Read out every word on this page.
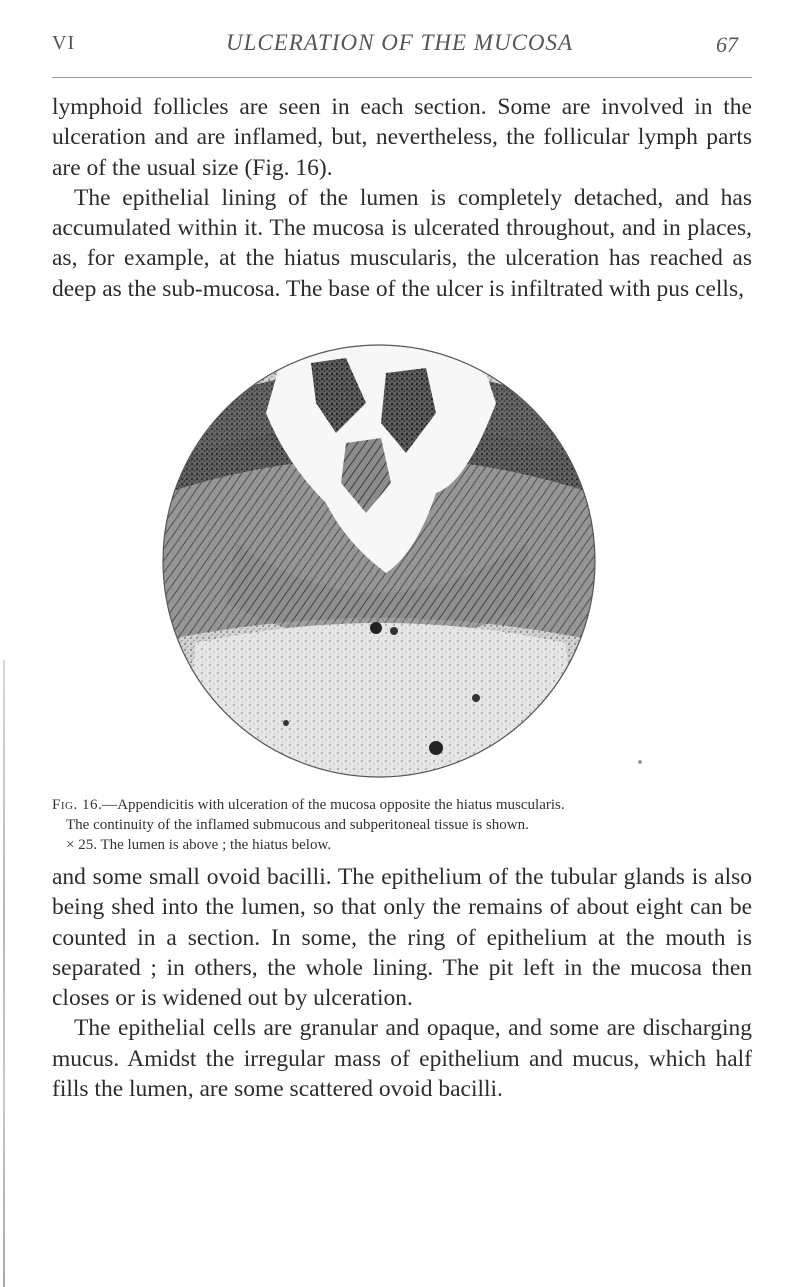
VI	ULCERATION OF THE MUCOSA	67

lymphoid follicles are seen in each section. Some are involved in the ulceration and are inflamed, but, nevertheless, the follicular lymph parts are of the usual size (Fig. 16).

The epithelial lining of the lumen is completely detached, and has accumulated within it. The mucosa is ulcerated throughout, and in places, as, for example, at the hiatus muscularis, the ulceration has reached as deep as the sub-mucosa. The base of the ulcer is infiltrated with pus cells,

Fig. 16.—Appendicitis with ulceration of the mucosa opposite the hiatus muscularis.
The continuity of the inflamed submucous and subperitoneal tissue is shown.
× 25. The lumen is above ; the hiatus below.

and some small ovoid bacilli. The epithelium of the tubular glands is also being shed into the lumen, so that only the remains of about eight can be counted in a section. In some, the ring of epithelium at the mouth is separated ; in others, the whole lining. The pit left in the mucosa then closes or is widened out by ulceration.

The epithelial cells are granular and opaque, and some are discharging mucus. Amidst the irregular mass of epithelium and mucus, which half fills the lumen, are some scattered ovoid bacilli.
